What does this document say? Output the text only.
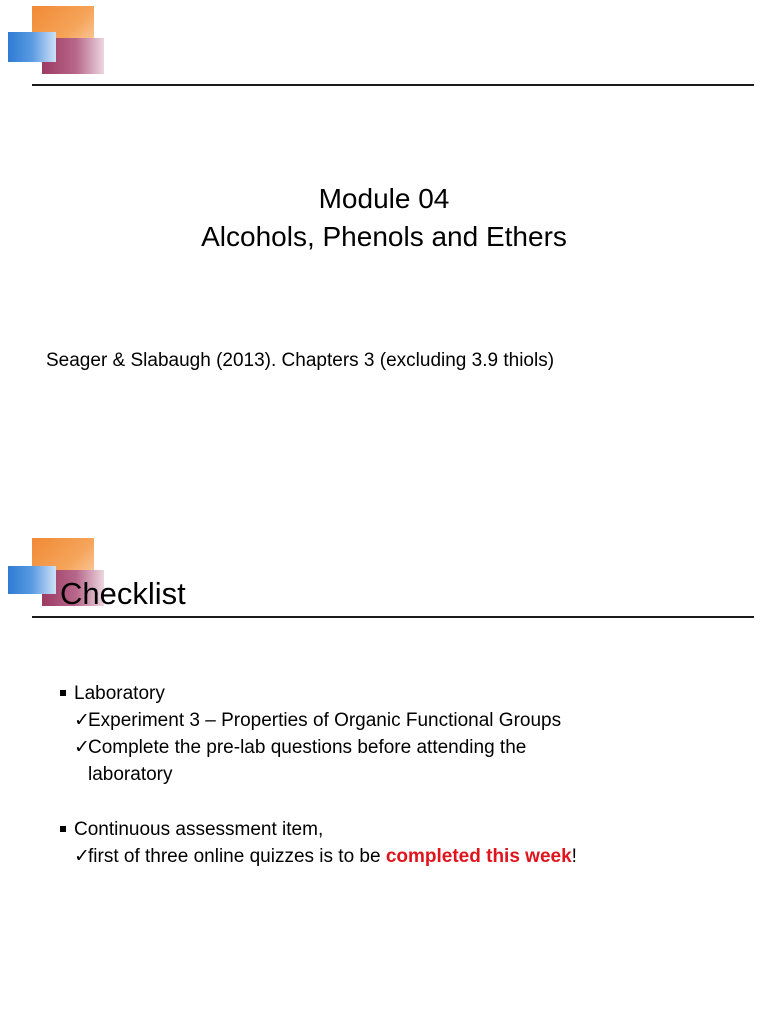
Module 04
Alcohols, Phenols and Ethers
Seager & Slabaugh (2013). Chapters 3 (excluding 3.9 thiols)
Checklist
Laboratory
✓
Experiment 3 – Properties of Organic Functional Groups
✓
Complete the pre-lab questions before attending the
laboratory
Continuous assessment item,
✓
first of three online quizzes is to be completed this week!
